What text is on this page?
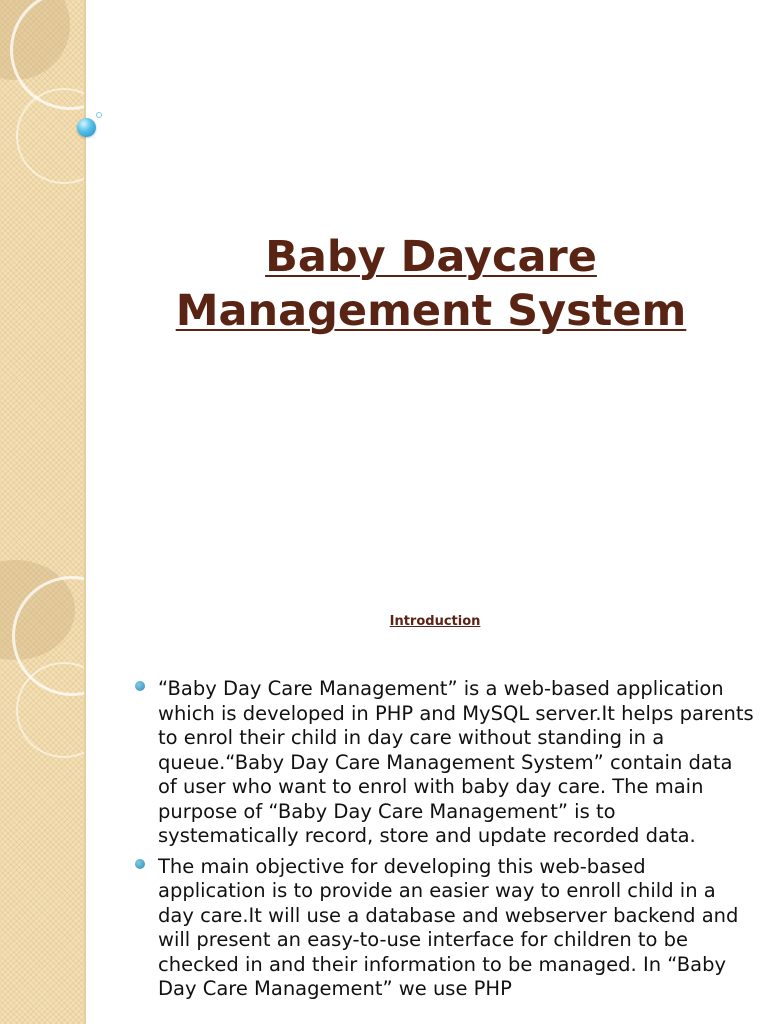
Baby Daycare
Management System

Introduction

“Baby Day Care Management” is a web-based application which is developed in PHP and MySQL server.It helps parents to enrol their child in day care without standing in a queue.“Baby Day Care Management System” contain data of user who want to enrol with baby day care. The main purpose of “Baby Day Care Management” is to systematically record, store and update recorded data.
The main objective for developing this web-based application is to provide an easier way to enroll child in a day care.It will use a database and webserver backend and will present an easy-to-use interface for children to be checked in and their information to be managed. In “Baby Day Care Management” we use PHP
